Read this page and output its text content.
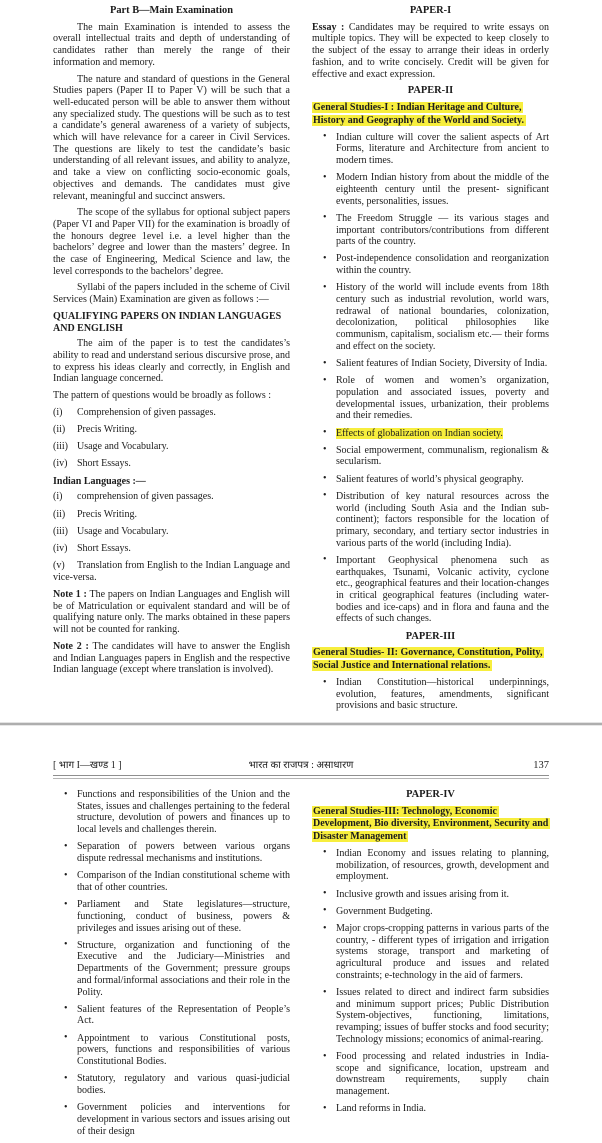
Part B—Main Examination

The main Examination is intended to assess the overall intellectual traits and depth of understanding of candidates rather than merely the range of their information and memory.

The nature and standard of questions in the General Studies papers (Paper II to Paper V) will be such that a well-educated person will be able to answer them without any specialized study. The questions will be such as to test a candidate’s general awareness of a variety of subjects, which will have relevance for a career in Civil Services. The questions are likely to test the candidate’s basic understanding of all relevant issues, and ability to analyze, and take a view on conflicting socio-economic goals, objectives and demands. The candidates must give relevant, meaningful and succinct answers.

The scope of the syllabus for optional subject papers (Paper VI and Paper VII) for the examination is broadly of the honours degree 1evel i.e. a level higher than the bachelors’ degree and lower than the masters’ degree. In the case of Engineering, Medical Science and law, the level corresponds to the bachelors’ degree.

Syllabi of the papers included in the scheme of Civil Services (Main) Examination are given as follows :—

QUALIFYING PAPERS ON INDIAN LANGUAGES AND ENGLISH

The aim of the paper is to test the candidates’s ability to read and understand serious discursive prose, and to express his ideas clearly and correctly, in English and Indian language concerned.

The pattern of questions would be broadly as follows :

(i) Comprehension of given passages.

(ii) Precis Writing.

(iii) Usage and Vocabulary.

(iv) Short Essays.

Indian Languages :—

(i) comprehension of given passages.

(ii) Precis Writing.

(iii) Usage and Vocabulary.

(iv) Short Essays.

(v) Translation from English to the Indian Language and vice-versa.

Note 1 : The papers on Indian Languages and English will be of Matriculation or equivalent standard and will be of qualifying nature only. The marks obtained in these papers will not be counted for ranking.

Note 2 : The candidates will have to answer the English and Indian Languages papers in English and the respective Indian language (except where translation is involved).

PAPER-I

Essay : Candidates may be required to write essays on multiple topics. They will be expected to keep closely to the subject of the essay to arrange their ideas in orderly fashion, and to write concisely. Credit will be given for effective and exact expression.

PAPER-II
General Studies-I : Indian Heritage and Culture, History and Geography of the World and Society.

• Indian culture will cover the salient aspects of Art Forms, literature and Architecture from ancient to modern times.

• Modern Indian history from about the middle of the eighteenth century until the present- significant events, personalities, issues.

• The Freedom Struggle — its various stages and important contributors/contributions from different parts of the country.

• Post-independence consolidation and reorganization within the country.

• History of the world will include events from 18th century such as industrial revolution, world wars, redrawal of national boundaries, colonization, decolonization, political philosophies like communism, capitalism, socialism etc.— their forms and effect on the society.

• Salient features of Indian Society, Diversity of India.

• Role of women and women’s organization, population and associated issues, poverty and developmental issues, urbanization, their problems and their remedies.

• Effects of globalization on Indian society.

• Social empowerment, communalism, regionalism & secularism.

• Salient features of world’s physical geography.

• Distribution of key natural resources across the world (including South Asia and the Indian sub-continent); factors responsible for the location of primary, secondary, and tertiary sector industries in various parts of the world (including India).

• Important Geophysical phenomena such as earthquakes, Tsunami, Volcanic activity, cyclone etc., geographical features and their location-changes in critical geographical features (including water-bodies and ice-caps) and in flora and fauna and the effects of such changes.

PAPER-III
General Studies- II: Governance, Constitution, Polity, Social Justice and International relations.

• Indian Constitution—historical underpinnings, evolution, features, amendments, significant provisions and basic structure.

[ भाग I—खण्ड 1 ]	भारत का राजपत्र : असाधारण	137

• Functions and responsibilities of the Union and the States, issues and challenges pertaining to the federal structure, devolution of powers and finances up to local levels and challenges therein.

• Separation of powers between various organs dispute redressal mechanisms and institutions.

• Comparison of the Indian constitutional scheme with that of other countries.

• Parliament and State legislatures—structure, functioning, conduct of business, powers & privileges and issues arising out of these.

• Structure, organization and functioning of the Executive and the Judiciary—Ministries and Departments of the Government; pressure groups and formal/informal associations and their role in the Polity.

• Salient features of the Representation of People’s Act.

• Appointment to various Constitutional posts, powers, functions and responsibilities of various Constitutional Bodies.

• Statutory, regulatory and various quasi-judicial bodies.

• Government policies and interventions for development in various sectors and issues arising out of their design

PAPER-IV
General Studies-III: Technology, Economic Development, Bio diversity, Environment, Security and Disaster Management

• Indian Economy and issues relating to planning, mobilization, of resources, growth, development and employment.

• Inclusive growth and issues arising from it.

• Government Budgeting.

• Major crops-cropping patterns in various parts of the country, - different types of irrigation and irrigation systems storage, transport and marketing of agricultural produce and issues and related constraints; e-technology in the aid of farmers.

• Issues related to direct and indirect farm subsidies and minimum support prices; Public Distribution System-objectives, functioning, limitations, revamping; issues of buffer stocks and food security; Technology missions; economics of animal-rearing.

• Food processing and related industries in India- scope and significance, location, upstream and downstream requirements, supply chain management.

• Land reforms in India.
